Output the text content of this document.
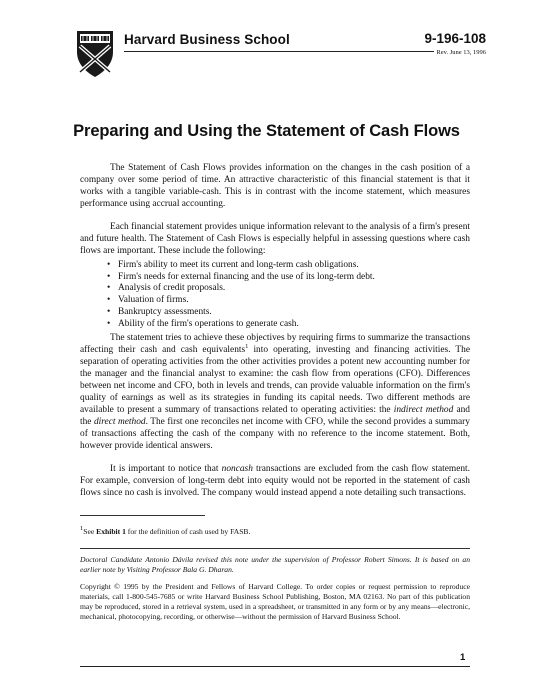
Harvard Business School	9-196-108
Rev. June 13, 1996
Preparing and Using the Statement of Cash Flows

The Statement of Cash Flows provides information on the changes in the cash position of a company over some period of time. An attractive characteristic of this financial statement is that it works with a tangible variable-cash. This is in contrast with the income statement, which measures performance using accrual accounting.

Each financial statement provides unique information relevant to the analysis of a firm's present and future health. The Statement of Cash Flows is especially helpful in assessing questions where cash flows are important. These include the following:

• Firm's ability to meet its current and long-term cash obligations.
• Firm's needs for external financing and the use of its long-term debt.
• Analysis of credit proposals.
• Valuation of firms.
• Bankruptcy assessments.
• Ability of the firm's operations to generate cash.

The statement tries to achieve these objectives by requiring firms to summarize the transactions affecting their cash and cash equivalents$^1$ into operating, investing and financing activities. The separation of operating activities from the other activities provides a potent new accounting number for the manager and the financial analyst to examine: the cash flow from operations (CFO). Differences between net income and CFO, both in levels and trends, can provide valuable information on the firm's quality of earnings as well as its strategies in funding its capital needs. Two different methods are available to present a summary of transactions related to operating activities: the indirect method and the direct method. The first one reconciles net income with CFO, while the second provides a summary of transactions affecting the cash of the company with no reference to the income statement. Both, however provide identical answers.

It is important to notice that noncash transactions are excluded from the cash flow statement. For example, conversion of long-term debt into equity would not be reported in the statement of cash flows since no cash is involved. The company would instead append a note detailing such transactions.

$^1$See Exhibit 1 for the definition of cash used by FASB.

Doctoral Candidate Antonio Dávila revised this note under the supervision of Professor Robert Simons. It is based on an earlier note by Visiting Professor Bala G. Dharan.

Copyright © 1995 by the President and Fellows of Harvard College. To order copies or request permission to reproduce materials, call 1-800-545-7685 or write Harvard Business School Publishing, Boston, MA 02163. No part of this publication may be reproduced, stored in a retrieval system, used in a spreadsheet, or transmitted in any form or by any means—electronic, mechanical, photocopying, recording, or otherwise—without the permission of Harvard Business School.

1
